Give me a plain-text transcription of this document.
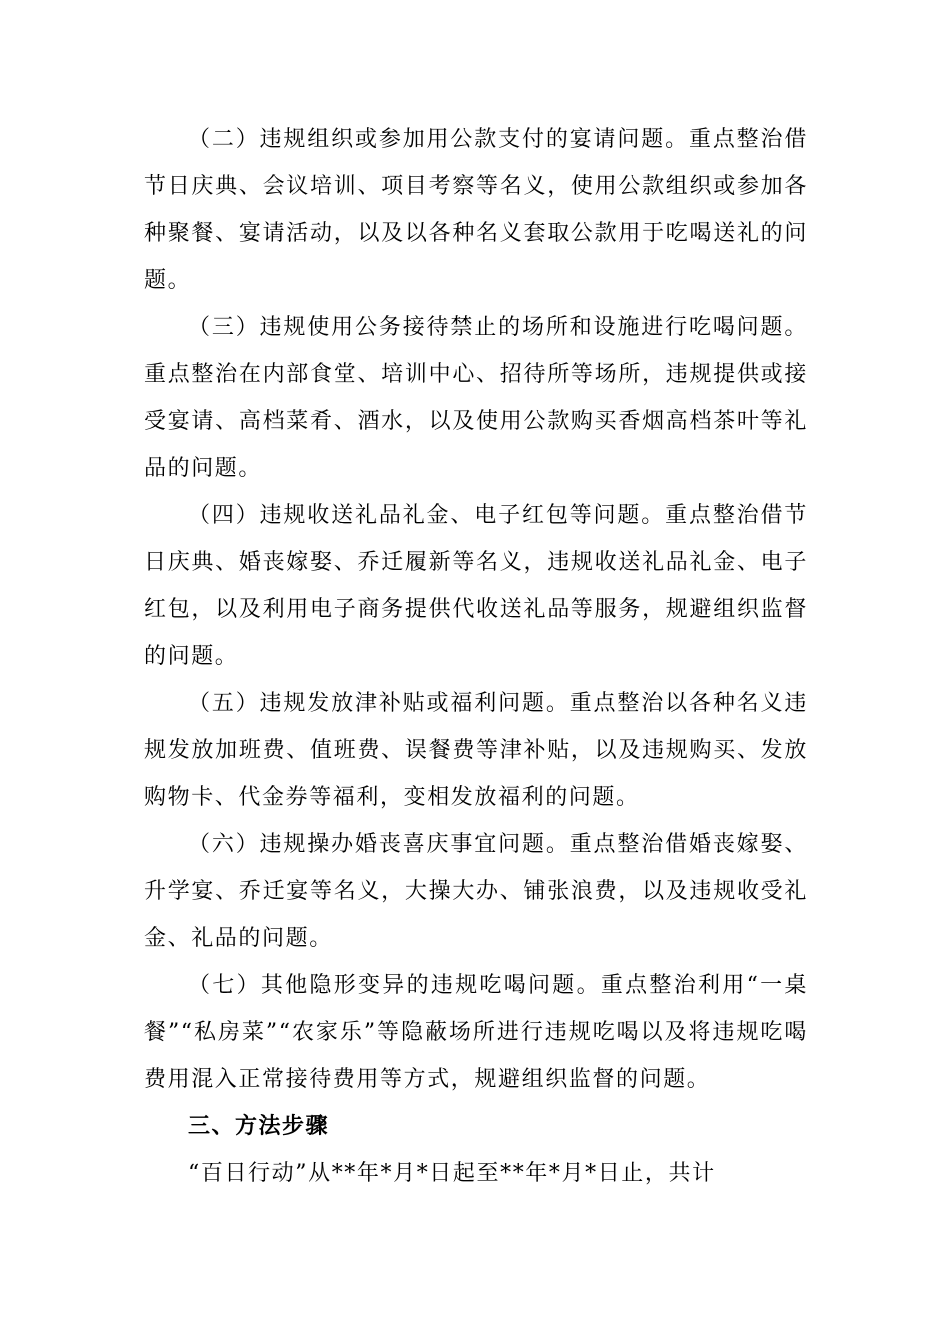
（二）违规组织或参加用公款支付的宴请问题。重点整治借节日庆典、会议培训、项目考察等名义，使用公款组织或参加各种聚餐、宴请活动，以及以各种名义套取公款用于吃喝送礼的问题。

（三）违规使用公务接待禁止的场所和设施进行吃喝问题。重点整治在内部食堂、培训中心、招待所等场所，违规提供或接受宴请、高档菜肴、酒水，以及使用公款购买香烟高档茶叶等礼品的问题。

（四）违规收送礼品礼金、电子红包等问题。重点整治借节日庆典、婚丧嫁娶、乔迁履新等名义，违规收送礼品礼金、电子红包，以及利用电子商务提供代收送礼品等服务，规避组织监督的问题。

（五）违规发放津补贴或福利问题。重点整治以各种名义违规发放加班费、值班费、误餐费等津补贴，以及违规购买、发放购物卡、代金券等福利，变相发放福利的问题。

（六）违规操办婚丧喜庆事宜问题。重点整治借婚丧嫁娶、升学宴、乔迁宴等名义，大操大办、铺张浪费，以及违规收受礼金、礼品的问题。

（七）其他隐形变异的违规吃喝问题。重点整治利用“一桌餐”“私房菜”“农家乐”等隐蔽场所进行违规吃喝以及将违规吃喝费用混入正常接待费用等方式，规避组织监督的问题。

三、方法步骤

“百日行动”从**年*月*日起至**年*月*日止，共计
